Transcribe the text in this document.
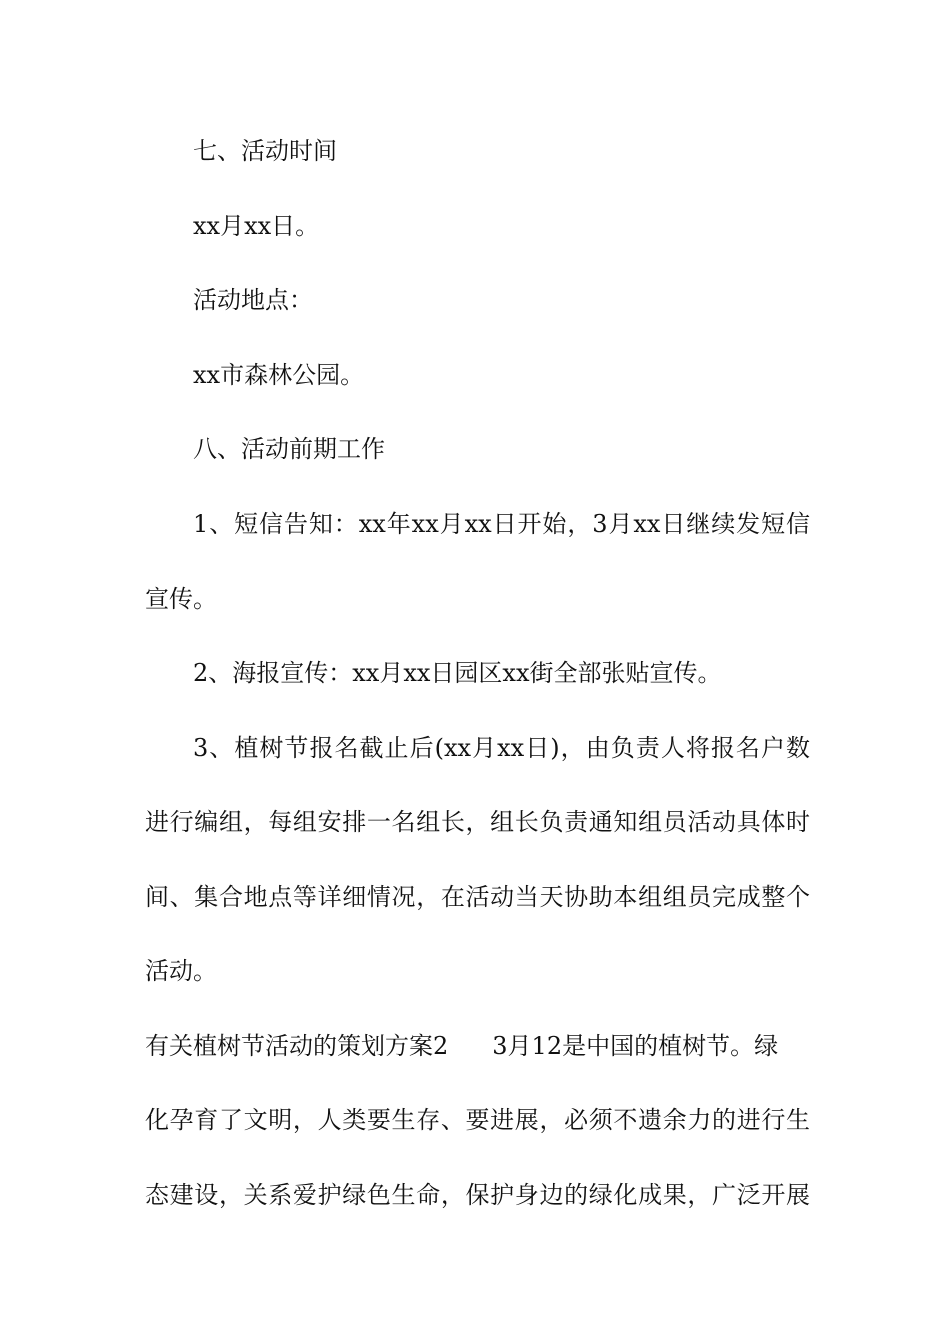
七、活动时间
xx月xx日。
活动地点：
xx市森林公园。
八、活动前期工作
1、短信告知：xx年xx月xx日开始，3月xx日继续发短信
宣传。
2、海报宣传：xx月xx日园区xx街全部张贴宣传。
3、植树节报名截止后(xx月xx日)，由负责人将报名户数
进行编组，每组安排一名组长，组长负责通知组员活动具体时
间、集合地点等详细情况，在活动当天协助本组组员完成整个
活动。
有关植树节活动的策划方案2 3月12是中国的植树节。绿
化孕育了文明，人类要生存、要进展，必须不遗余力的进行生
态建设，关系爱护绿色生命，保护身边的绿化成果，广泛开展
